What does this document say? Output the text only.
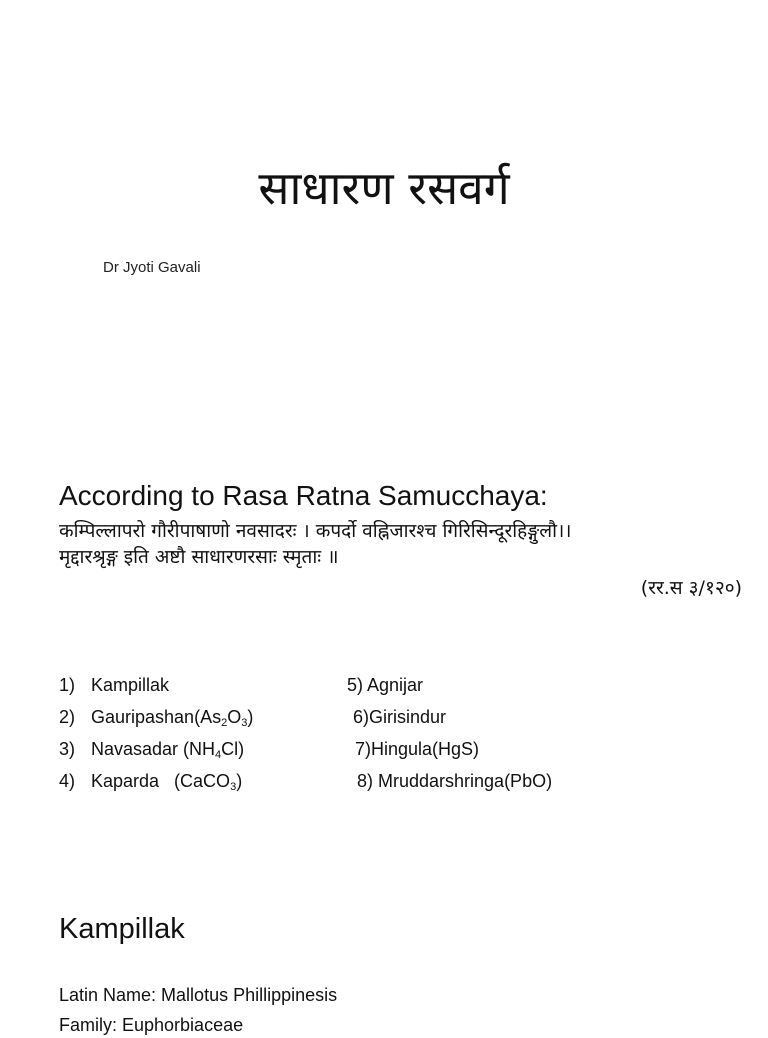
साधारण रसवर्ग
Dr Jyoti Gavali
According to Rasa Ratna Samucchaya:
कम्पिल्लापरो गौरीपाषाणो नवसादरः । कपर्दो वह्निजारश्च गिरिसिन्दूरहिङ्गुलौ।।
मृद्दारश्रृङ्ग इति अष्टौ साधारणरसाः स्मृताः ॥
(रर.स ३/१२०)
1) Kampillak
2) $Gauripashan(As_2O_3)$
3) Navasadar $(NH_4Cl)$
4) Kaparda   (CaCO$_3$)
5) Agnijar
6)Girisindur
7)Hingula(HgS)
8) Mruddarshringa(PbO)
Kampillak
Latin Name: Mallotus Phillippinesis
Family: Euphorbiaceae
